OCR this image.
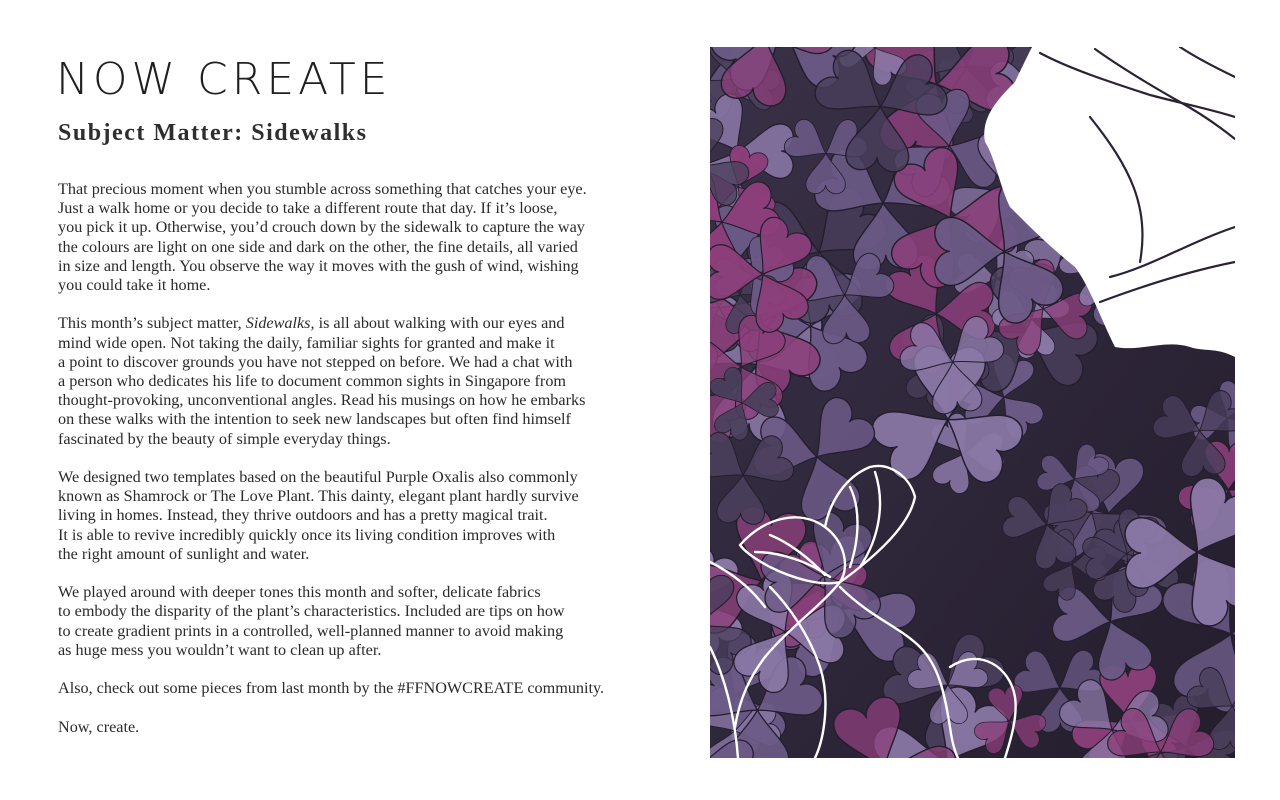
NOW CREATE
Subject Matter: Sidewalks

That precious moment when you stumble across something that catches your eye.
Just a walk home or you decide to take a different route that day. If it’s loose,
you pick it up. Otherwise, you’d crouch down by the sidewalk to capture the way
the colours are light on one side and dark on the other, the fine details, all varied
in size and length. You observe the way it moves with the gush of wind, wishing
you could take it home.

This month’s subject matter, Sidewalks, is all about walking with our eyes and
mind wide open. Not taking the daily, familiar sights for granted and make it
a point to discover grounds you have not stepped on before. We had a chat with
a person who dedicates his life to document common sights in Singapore from
thought-provoking, unconventional angles. Read his musings on how he embarks
on these walks with the intention to seek new landscapes but often find himself
fascinated by the beauty of simple everyday things.

We designed two templates based on the beautiful Purple Oxalis also commonly
known as Shamrock or The Love Plant. This dainty, elegant plant hardly survive
living in homes. Instead, they thrive outdoors and has a pretty magical trait.
It is able to revive incredibly quickly once its living condition improves with
the right amount of sunlight and water.

We played around with deeper tones this month and softer, delicate fabrics
to embody the disparity of the plant’s characteristics. Included are tips on how
to create gradient prints in a controlled, well-planned manner to avoid making
as huge mess you wouldn’t want to clean up after.

Also, check out some pieces from last month by the #FFNOWCREATE community.

Now, create.
